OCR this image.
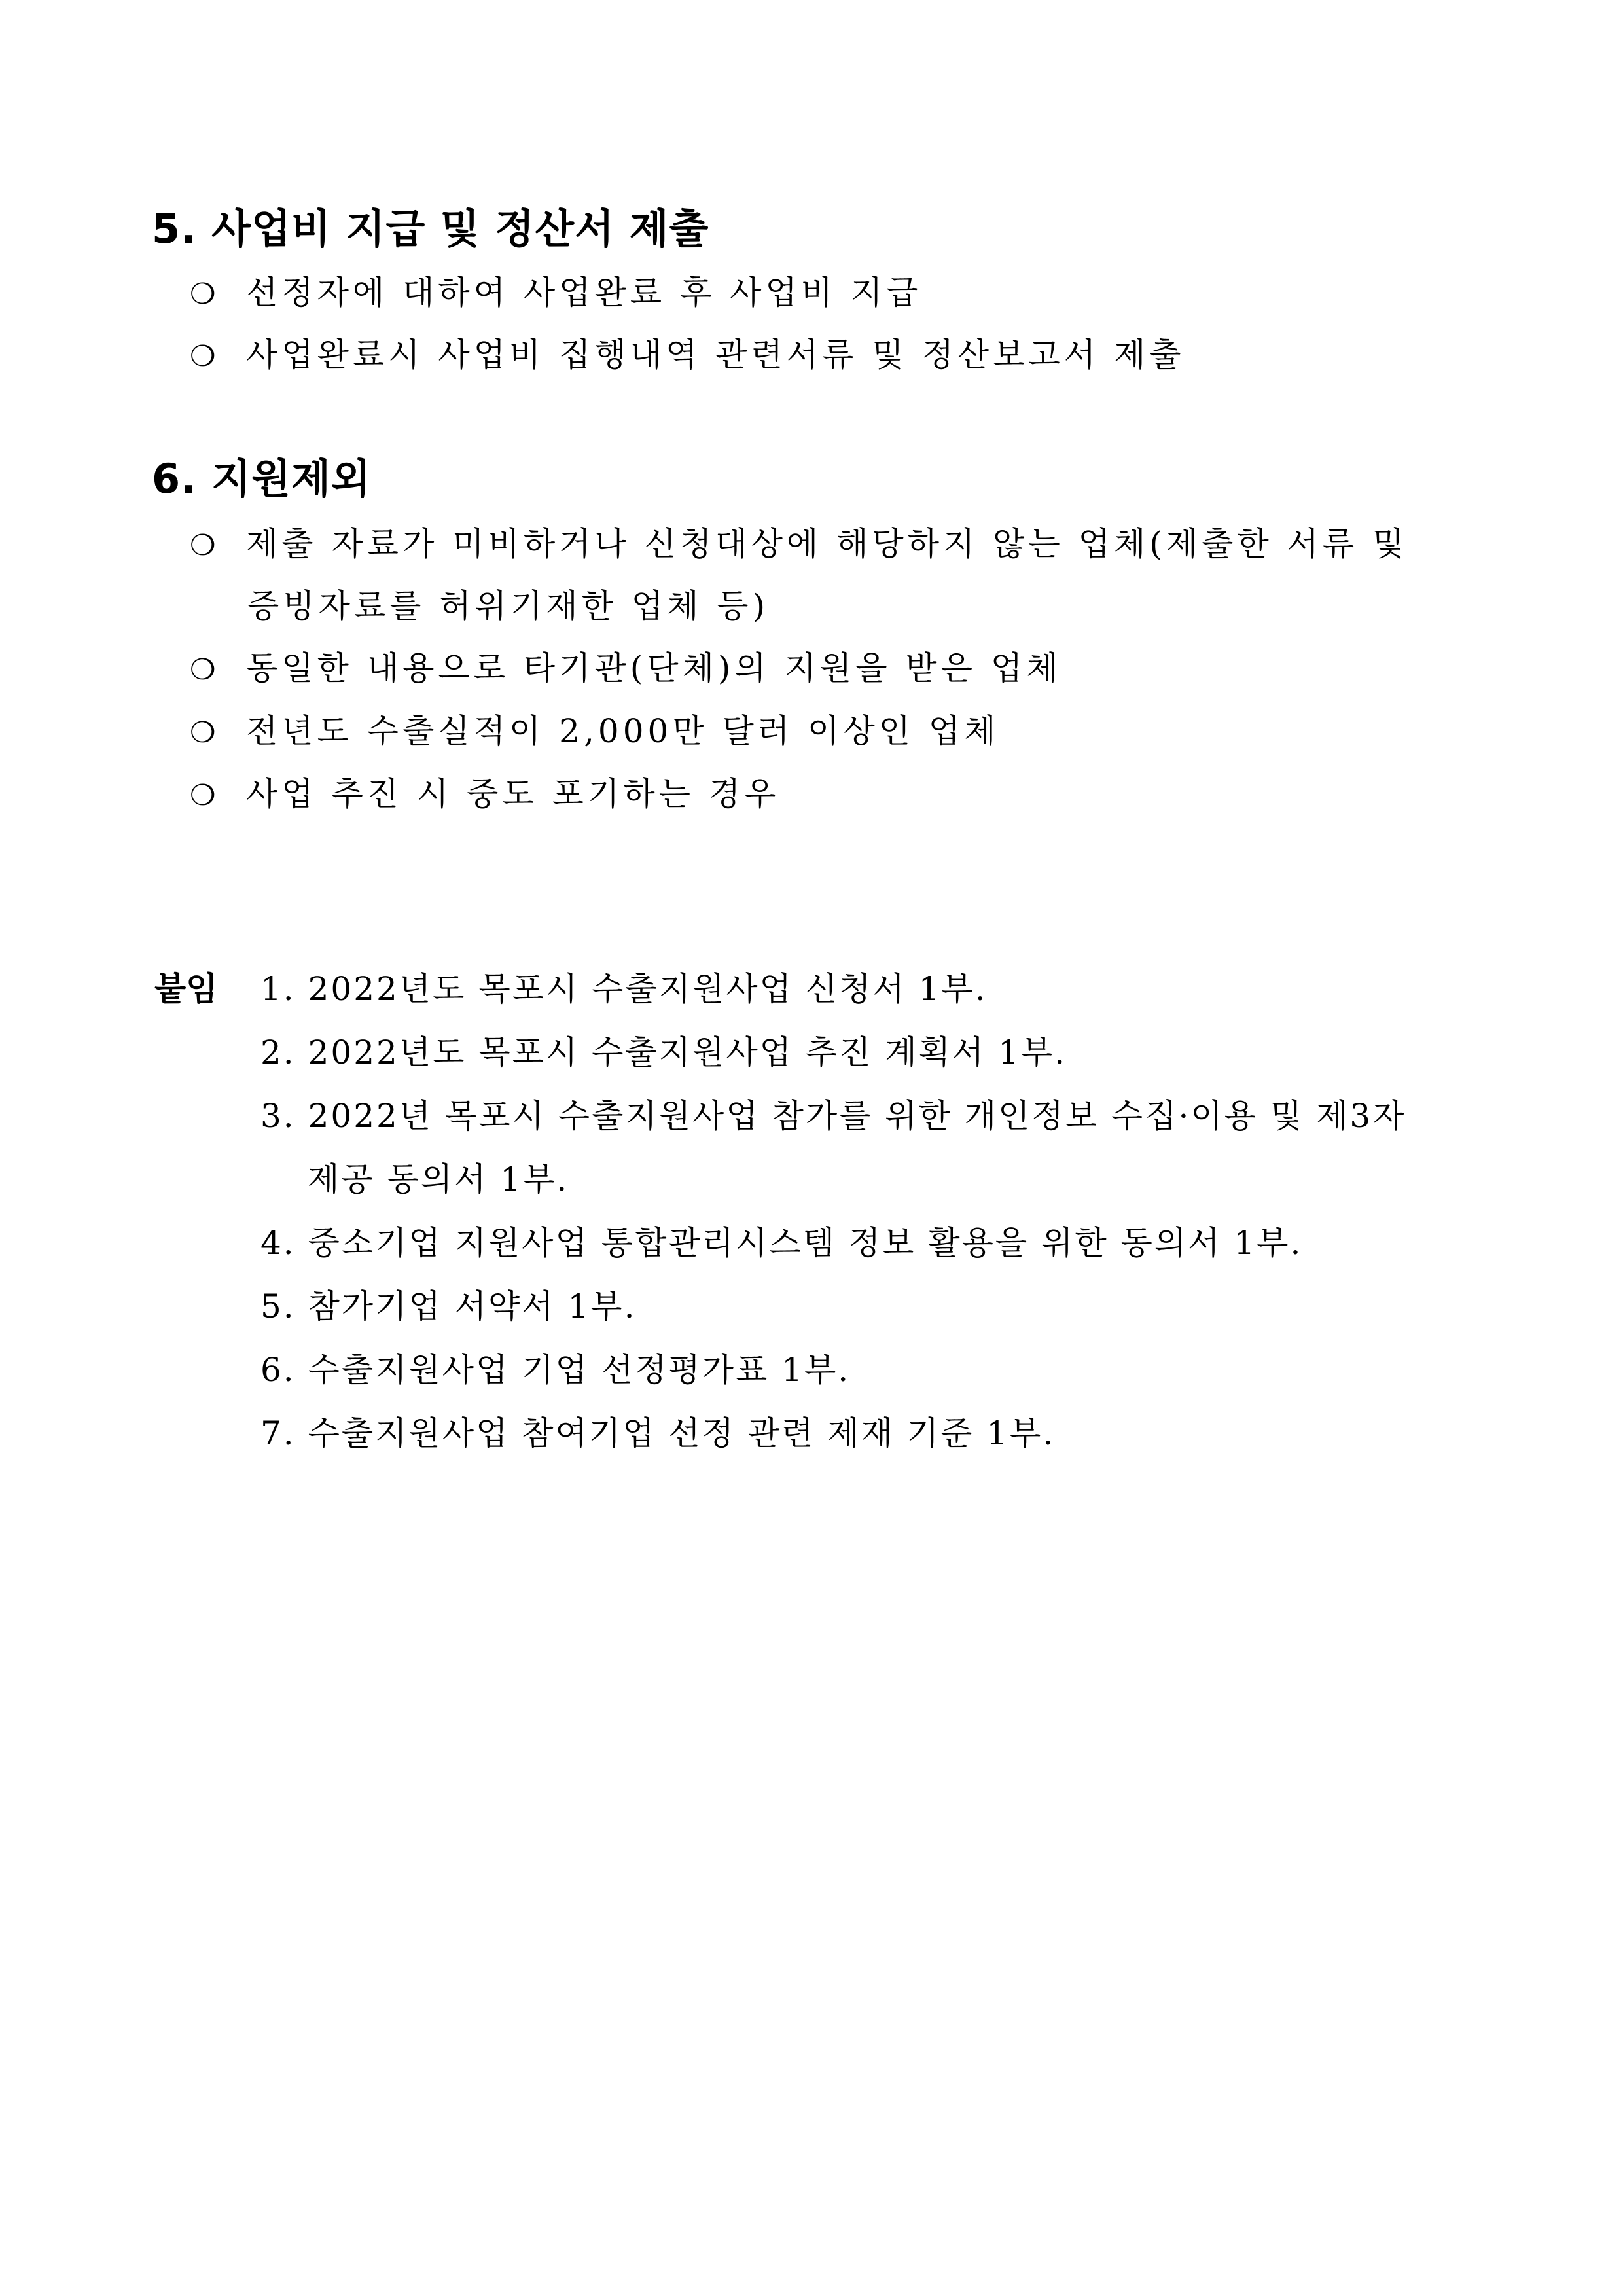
5. 사업비 지급 및 정산서 제출
❍ 선정자에 대하여 사업완료 후 사업비 지급
❍ 사업완료시 사업비 집행내역 관련서류 및 정산보고서 제출
6. 지원제외
❍ 제출 자료가 미비하거나 신청대상에 해당하지 않는 업체(제출한 서류 및
증빙자료를 허위기재한 업체 등)
❍ 동일한 내용으로 타기관(단체)의 지원을 받은 업체
❍ 전년도 수출실적이 2,000만 달러 이상인 업체
❍ 사업 추진 시 중도 포기하는 경우
붙임 1. 2022년도 목포시 수출지원사업 신청서 1부.
2. 2022년도 목포시 수출지원사업 추진 계획서 1부.
3. 2022년 목포시 수출지원사업 참가를 위한 개인정보 수집·이용 및 제3자
제공 동의서 1부.
4. 중소기업 지원사업 통합관리시스템 정보 활용을 위한 동의서 1부.
5. 참가기업 서약서 1부.
6. 수출지원사업 기업 선정평가표 1부.
7. 수출지원사업 참여기업 선정 관련 제재 기준 1부.
